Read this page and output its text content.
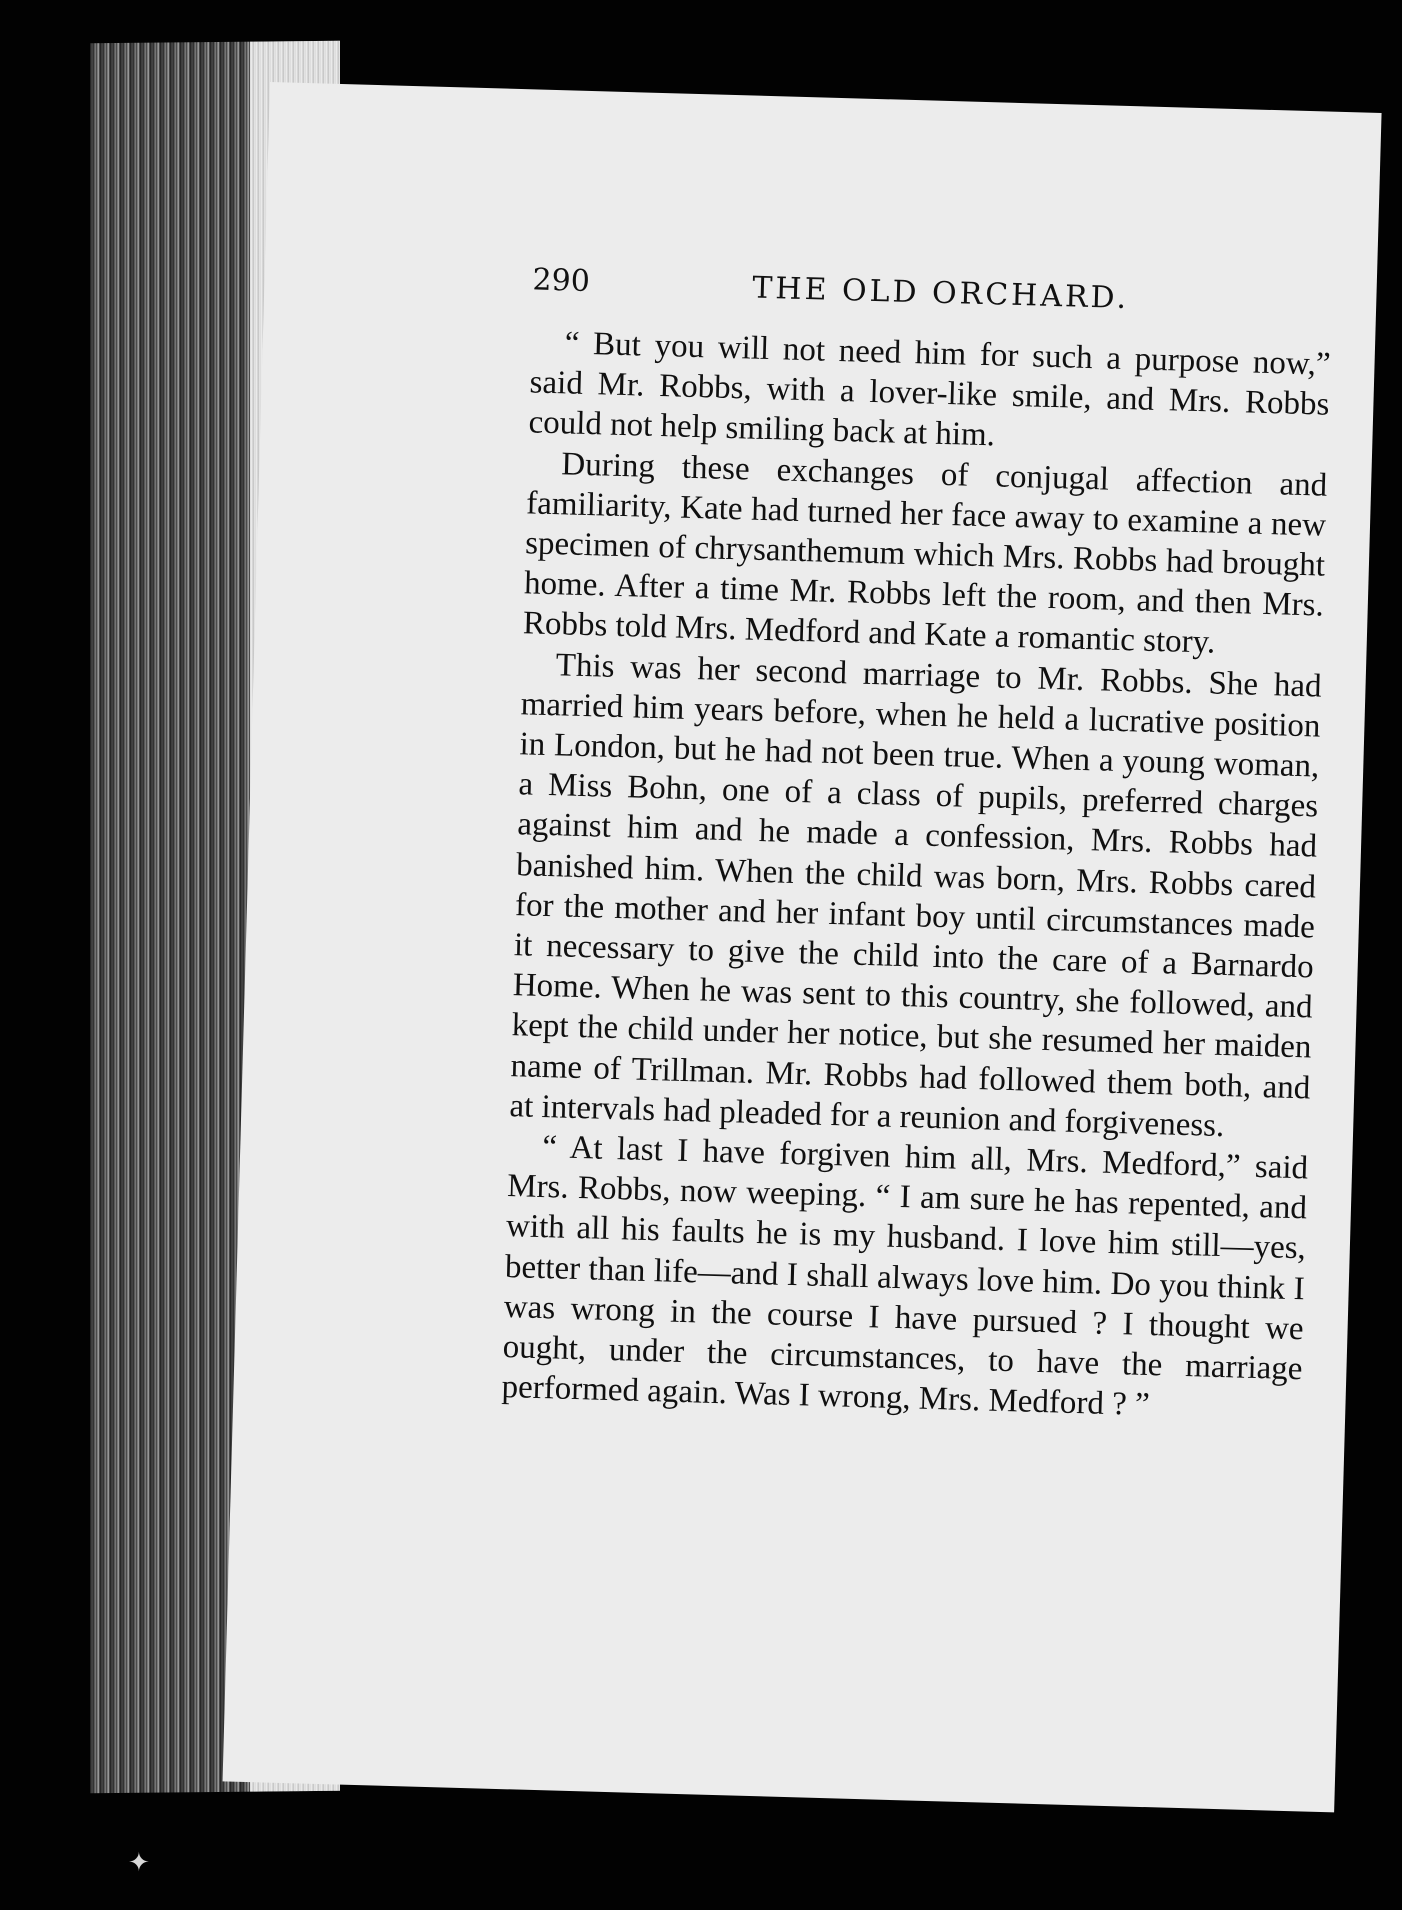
290	THE OLD ORCHARD.

“ But you will not need him for such a purpose now,” said Mr. Robbs, with a lover-like smile, and Mrs. Robbs could not help smiling back at him.

During these exchanges of conjugal affection and familiarity, Kate had turned her face away to examine a new specimen of chrysanthemum which Mrs. Robbs had brought home. After a time Mr. Robbs left the room, and then Mrs. Robbs told Mrs. Medford and Kate a romantic story.

This was her second marriage to Mr. Robbs. She had married him years before, when he held a lucrative position in London, but he had not been true. When a young woman, a Miss Bohn, one of a class of pupils, preferred charges against him and he made a confession, Mrs. Robbs had banished him. When the child was born, Mrs. Robbs cared for the mother and her infant boy until circumstances made it necessary to give the child into the care of a Barnardo Home. When he was sent to this country, she followed, and kept the child under her notice, but she resumed her maiden name of Trillman. Mr. Robbs had followed them both, and at intervals had pleaded for a reunion and forgiveness.

“ At last I have forgiven him all, Mrs. Medford,” said Mrs. Robbs, now weeping. “ I am sure he has repented, and with all his faults he is my husband. I love him still—yes, better than life—and I shall always love him. Do you think I was wrong in the course I have pursued ? I thought we ought, under the circumstances, to have the marriage performed again. Was I wrong, Mrs. Medford ? ”

✦
